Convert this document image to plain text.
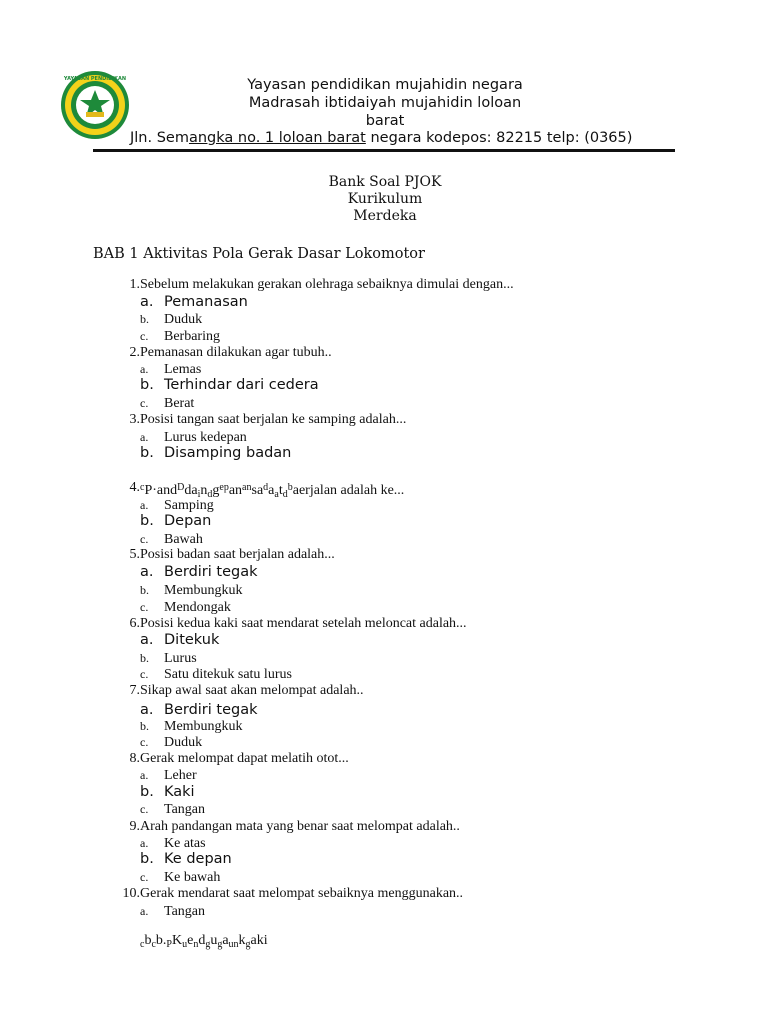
YAYASAN PENDIDIKAN	Yayasan pendidikan mujahidin negara
Madrasah ibtidaiyah mujahidin loloan
barat
Jln. Semangka no. 1 loloan barat negara kodepos: 82215 telp: (0365)
Bank Soal PJOK
Kurikulum
Merdeka
BAB 1 Aktivitas Pola Gerak Dasar Lokomotor
1. Sebelum melakukan gerakan olehraga sebaiknya dimulai dengan...
a. Pemanasan
b. Duduk
c. Berbaring
2. Pemanasan dilakukan agar tubuh..
a. Lemas
b. Terhindar dari cedera
c. Berat
3. Posisi tangan saat berjalan ke samping adalah...
a. Lurus kedepan
b. Disamping badan
4. $^cP\cdot and^Dda_in_dg^{ep}an^{an}sa^da_at_d^baerjalan$ adalah ke...
a. Samping
b. Depan
c. Bawah
5. Posisi badan saat berjalan adalah...
a. Berdiri tegak
b. Membungkuk
c. Mendongak
6. Posisi kedua kaki saat mendarat setelah meloncat adalah...
a. Ditekuk
b. Lurus
c. Satu ditekuk satu lurus
7. Sikap awal saat akan melompat adalah..
a. Berdiri tegak
b. Membungkuk
c. Duduk
8. Gerak melompat dapat melatih otot...
a. Leher
b. Kaki
c. Tangan
9. Arah pandangan mata yang benar saat melompat adalah..
a. Ke atas
b. Ke depan
c. Ke bawah
10. Gerak mendarat saat melompat sebaiknya menggunakan..
a. Tangan
$_cb_cb._PK_ue_nd_gu_ga_{un}k_gaki$
